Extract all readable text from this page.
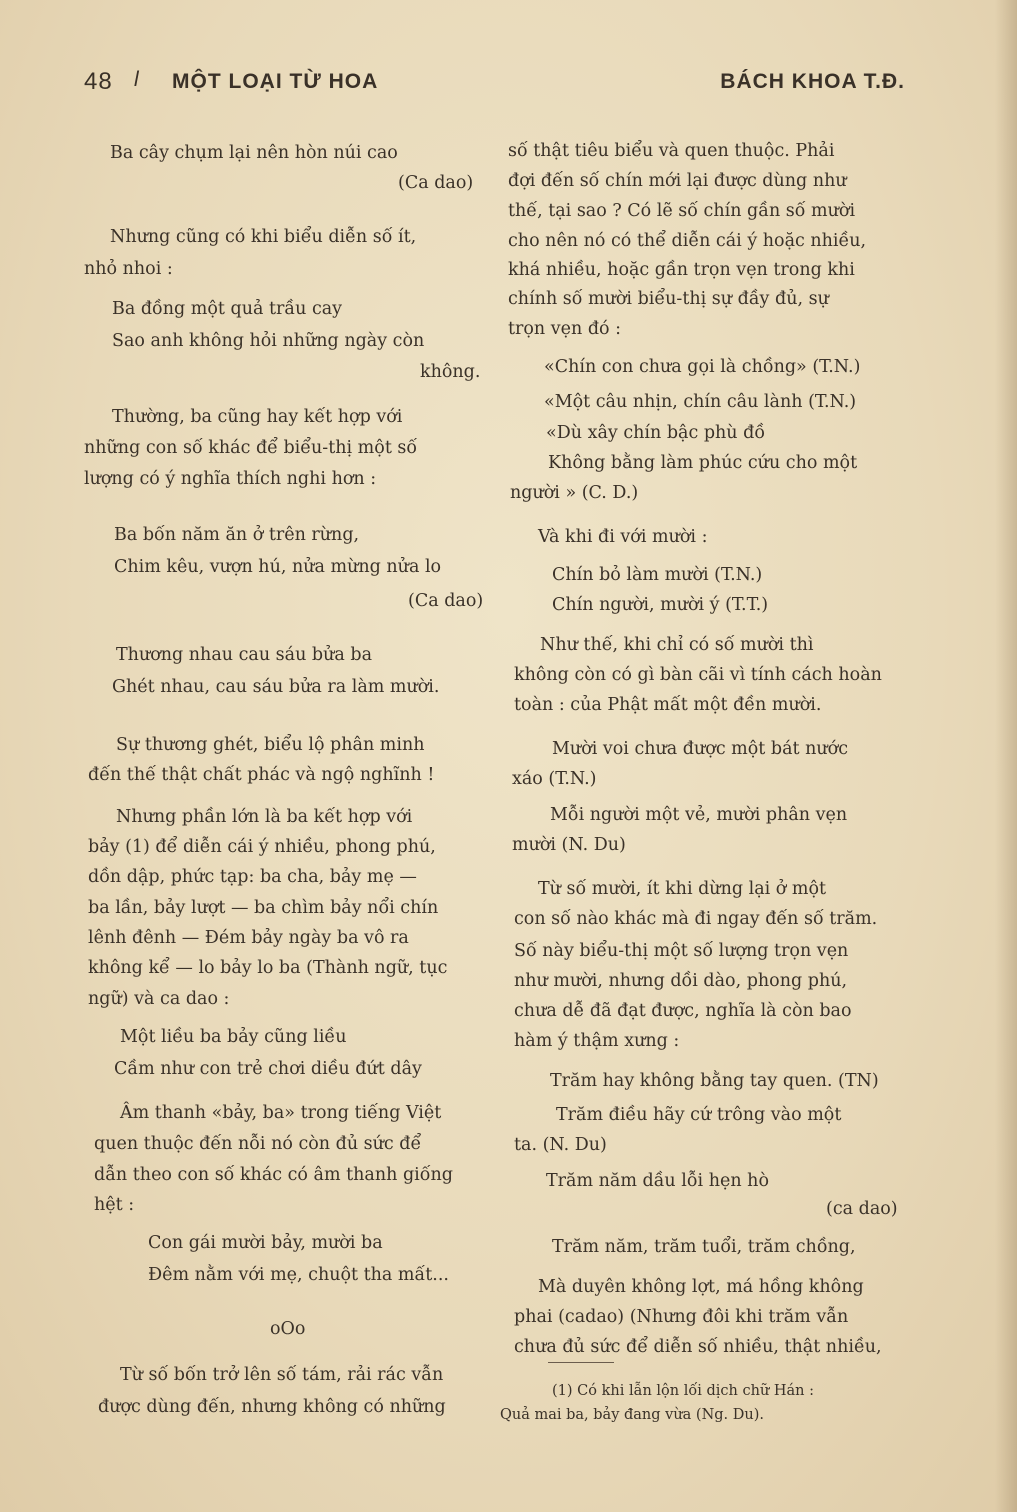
48 l MỘT LOẠI TỪ HOA	BÁCH KHOA T.Đ.
Ba cây chụm lại nên hòn núi cao
(Ca dao)
Nhưng cũng có khi biểu diễn số ít,
nhỏ nhoi :
Ba đồng một quả trầu cay
Sao anh không hỏi những ngày còn
không.
Thường, ba cũng hay kết hợp với
những con số khác để biểu-thị một số
lượng có ý nghĩa thích nghi hơn :
Ba bốn năm ăn ở trên rừng,
Chim kêu, vượn hú, nửa mừng nửa lo
(Ca dao)
Thương nhau cau sáu bửa ba
Ghét nhau, cau sáu bửa ra làm mười.
Sự thương ghét, biểu lộ phân minh
đến thế thật chất phác và ngộ nghĩnh !
Nhưng phần lớn là ba kết hợp với
bảy (1) để diễn cái ý nhiều, phong phú,
dồn dập, phức tạp: ba cha, bảy mẹ —
ba lần, bảy lượt — ba chìm bảy nổi chín
lênh đênh — Đém bảy ngày ba vô ra
không kể — lo bảy lo ba (Thành ngữ, tục
ngữ) và ca dao :
Một liều ba bảy cũng liều
Cầm như con trẻ chơi diều đứt dây
Âm thanh «bảy, ba» trong tiếng Việt
quen thuộc đến nỗi nó còn đủ sức để
dẫn theo con số khác có âm thanh giống
hệt :
Con gái mười bảy, mười ba
Đêm nằm với mẹ, chuột tha mất...
oOo
Từ số bốn trở lên số tám, rải rác vẫn
được dùng đến, nhưng không có những
số thật tiêu biểu và quen thuộc. Phải
đợi đến số chín mới lại được dùng như
thế, tại sao ? Có lẽ số chín gần số mười
cho nên nó có thể diễn cái ý hoặc nhiều,
khá nhiều, hoặc gần trọn vẹn trong khi
chính số mười biểu-thị sự đầy đủ, sự
trọn vẹn đó :
«Chín con chưa gọi là chồng» (T.N.)
«Một câu nhịn, chín câu lành (T.N.)
«Dù xây chín bậc phù đồ
Không bằng làm phúc cứu cho một
người » (C. D.)
Và khi đi với mười :
Chín bỏ làm mười (T.N.)
Chín người, mười ý (T.T.)
Như thế, khi chỉ có số mười thì
không còn có gì bàn cãi vì tính cách hoàn
toàn : của Phật mất một đền mười.
Mười voi chưa được một bát nước
xáo (T.N.)
Mỗi người một vẻ, mười phân vẹn
mười (N. Du)
Từ số mười, ít khi dừng lại ở một
con số nào khác mà đi ngay đến số trăm.
Số này biểu-thị một số lượng trọn vẹn
như mười, nhưng dồi dào, phong phú,
chưa dễ đã đạt được, nghĩa là còn bao
hàm ý thậm xưng :
Trăm hay không bằng tay quen. (TN)
Trăm điều hãy cứ trông vào một
ta. (N. Du)
Trăm năm dầu lỗi hẹn hò
(ca dao)
Trăm năm, trăm tuổi, trăm chồng,
Mà duyên không lợt, má hồng không
phai (cadao) (Nhưng đôi khi trăm vẫn
chưa đủ sức để diễn số nhiều, thật nhiều,
(1) Có khi lẫn lộn lối dịch chữ Hán :
Quả mai ba, bảy đang vừa (Ng. Du).
